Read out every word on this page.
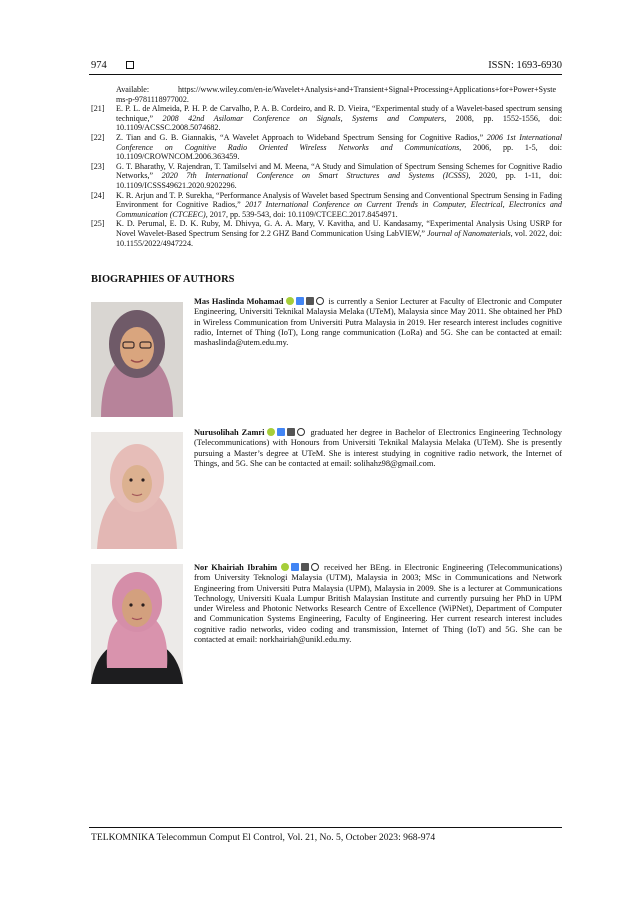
974	ISSN: 1693-6930
Available:	https://www.wiley.com/en-ie/Wavelet+Analysis+and+Transient+Signal+Processing+Applications+for+Power+Systems-p-9781118977002.
[21]	E. P. L. de Almeida, P. H. P. de Carvalho, P. A. B. Cordeiro, and R. D. Vieira, “Experimental study of a Wavelet-based spectrum sensing technique,” 2008 42nd Asilomar Conference on Signals, Systems and Computers, 2008, pp. 1552-1556, doi: 10.1109/ACSSC.2008.5074682.
[22]	Z. Tian and G. B. Giannakis, “A Wavelet Approach to Wideband Spectrum Sensing for Cognitive Radios,” 2006 1st International Conference on Cognitive Radio Oriented Wireless Networks and Communications, 2006, pp. 1-5, doi: 10.1109/CROWNCOM.2006.363459.
[23]	G. T. Bharathy, V. Rajendran, T. Tamilselvi and M. Meena, “A Study and Simulation of Spectrum Sensing Schemes for Cognitive Radio Networks,” 2020 7th International Conference on Smart Structures and Systems (ICSSS), 2020, pp. 1-11, doi: 10.1109/ICSSS49621.2020.9202296.
[24]	K. R. Arjun and T. P. Surekha, “Performance Analysis of Wavelet based Spectrum Sensing and Conventional Spectrum Sensing in Fading Environment for Cognitive Radios,” 2017 International Conference on Current Trends in Computer, Electrical, Electronics and Communication (CTCEEC), 2017, pp. 539-543, doi: 10.1109/CTCEEC.2017.8454971.
[25]	K. D. Perumal, E. D. K. Ruby, M. Dhivya, G. A. A. Mary, V. Kavitha, and U. Kandasamy, “Experimental Analysis Using USRP for Novel Wavelet-Based Spectrum Sensing for 2.2 GHZ Band Communication Using LabVIEW,” Journal of Nanomaterials, vol. 2022, doi: 10.1155/2022/4947224.
BIOGRAPHIES OF AUTHORS
Mas Haslinda Mohamad	is currently a Senior Lecturer at Faculty of Electronic and Computer Engineering, Universiti Teknikal Malaysia Melaka (UTeM), Malaysia since May 2011. She obtained her PhD in Wireless Communication from Universiti Putra Malaysia in 2019. Her research interest includes cognitive radio, Internet of Thing (IoT), Long range communication (LoRa) and 5G. She can be contacted at email: mashaslinda@utem.edu.my.
Nurusolihah Zamri	graduated her degree in Bachelor of Electronics Engineering Technology (Telecommunications) with Honours from Universiti Teknikal Malaysia Melaka (UTeM). She is presently pursuing a Master’s degree at UTeM. She is interest studying in cognitive radio network, the Internet of Things, and 5G. She can be contacted at email: solihahz98@gmail.com.
Nor Khairiah Ibrahim	received her BEng. in Electronic Engineering (Telecommunications) from University Teknologi Malaysia (UTM), Malaysia in 2003; MSc in Communications and Network Engineering from Universiti Putra Malaysia (UPM), Malaysia in 2009. She is a lecturer at Communications Technology, Universiti Kuala Lumpur British Malaysian Institute and currently pursuing her PhD in UPM under Wireless and Photonic Networks Research Centre of Excellence (WiPNet), Department of Computer and Communication Systems Engineering, Faculty of Engineering. Her current research interest includes cognitive radio networks, video coding and transmission, Internet of Thing (IoT) and 5G. She can be contacted at email: norkhairiah@unikl.edu.my.
TELKOMNIKA Telecommun Comput El Control, Vol. 21, No. 5, October 2023: 968-974
